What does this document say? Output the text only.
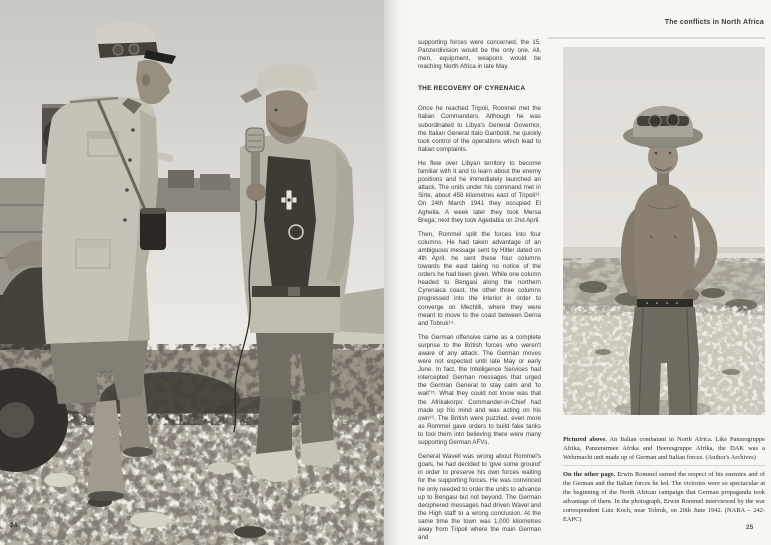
24
The conflicts in North Africa

supporting forces were concerned, the 15. Panzerdivision would be the only one. All, men, equipment, weapons would be reaching North Africa in late May.

THE RECOVERY OF CYRENAICA

Once he reached Tripoli, Rommel met the Italian Commanders. Although he was subordinated to Libya's General Governor, the Italian General Italo Gariboldi, he quickly took control of the operations which lead to Italian complaints.

He flew over Libyan territory to become familiar with it and to learn about the enemy positions and he immediately launched an attack. The units under his command met in Sirte, about 450 kilometres east of Tripoli¹³. On 24th March 1941 they occupied El Aghelia. A week later they took Mersa Brega; next they took Agedabia on 2nd April.

Then, Rommel split the forces into four columns. He had taken advantage of an ambiguous message sent by Hitler dated on 4th April, he sent these four columns towards the east taking no notice of the orders he had been given. While one column headed to Bengasi along the northern Cyrenaica coast, the other three columns progressed into the interior in order to converge on Mechilli, where they were meant to move to the coast between Derna and Tobruk¹⁴.

The German offensive came as a complete surprise to the British forces who weren't aware of any attack. The German moves were not expected until late May or early June. In fact, the Intelligence Services had intercepted German messages that urged the German General to stay calm and 'to wait'¹⁵. What they could not know was that the Afrikakorps' Commander-in-Chief had made up his mind and was acting on his own¹⁶. The British were puzzled, even more as Rommel gave orders to build fake tanks to fool them into believing there were many supporting German AFVs.

General Wavell was wrong about Rommel's goals, he had decided to 'give some ground' in order to preserve his own forces waiting for the supporting forces. He was convinced he only needed to order the units to advance up to Bengasi but not beyond. The German deciphered messages had driven Wavel and the High staff to a wrong conclusion. At the same time the town was 1,000 kilometres away from Tripoli where the main German and

Pictured above. An Italian combatant in North Africa. Like Panzergruppe Afrika, Panzerarmee Afrika and Heeresgruppe Afrika, the DAK was a Wehrmacht unit made up of German and Italian forces. (Author's Archives)

On the other page. Erwin Rommel earned the respect of his enemies and of the German and the Italian forces he led. The victories were so spectacular at the beginning of the North African campaign that German propaganda took advantage of them. In the photograph, Erwin Rommel interviewed by the war correspondent Lutz Koch, near Tobruk, on 20th June 1942. (NARA – 242-EAPC)

25
